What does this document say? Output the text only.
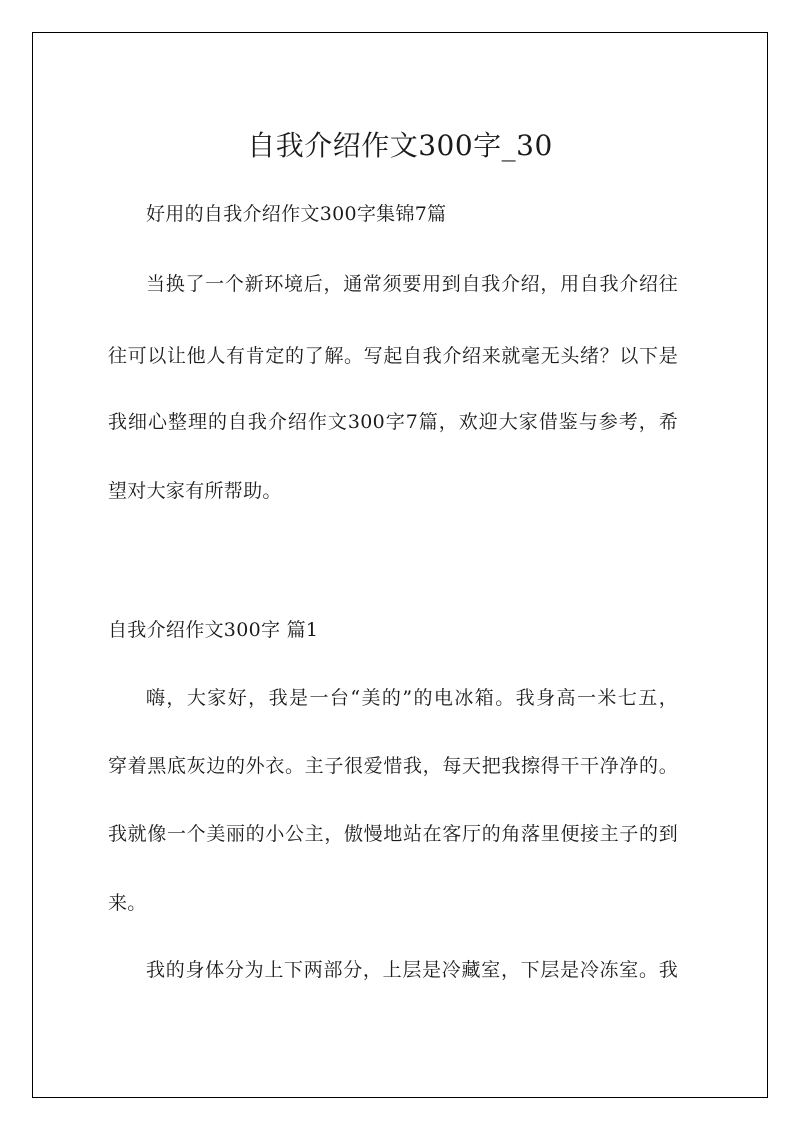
自我介绍作文300字_30
好用的自我介绍作文300字集锦7篇
当换了一个新环境后，通常须要用到自我介绍，用自我介绍往
往可以让他人有肯定的了解。写起自我介绍来就毫无头绪？以下是
我细心整理的自我介绍作文300字7篇，欢迎大家借鉴与参考，希
望对大家有所帮助。
自我介绍作文300字 篇1
嗨，大家好，我是一台“美的”的电冰箱。我身高一米七五，
穿着黑底灰边的外衣。主子很爱惜我，每天把我擦得干干净净的。
我就像一个美丽的小公主，傲慢地站在客厅的角落里便接主子的到
来。
我的身体分为上下两部分，上层是冷藏室，下层是冷冻室。我
